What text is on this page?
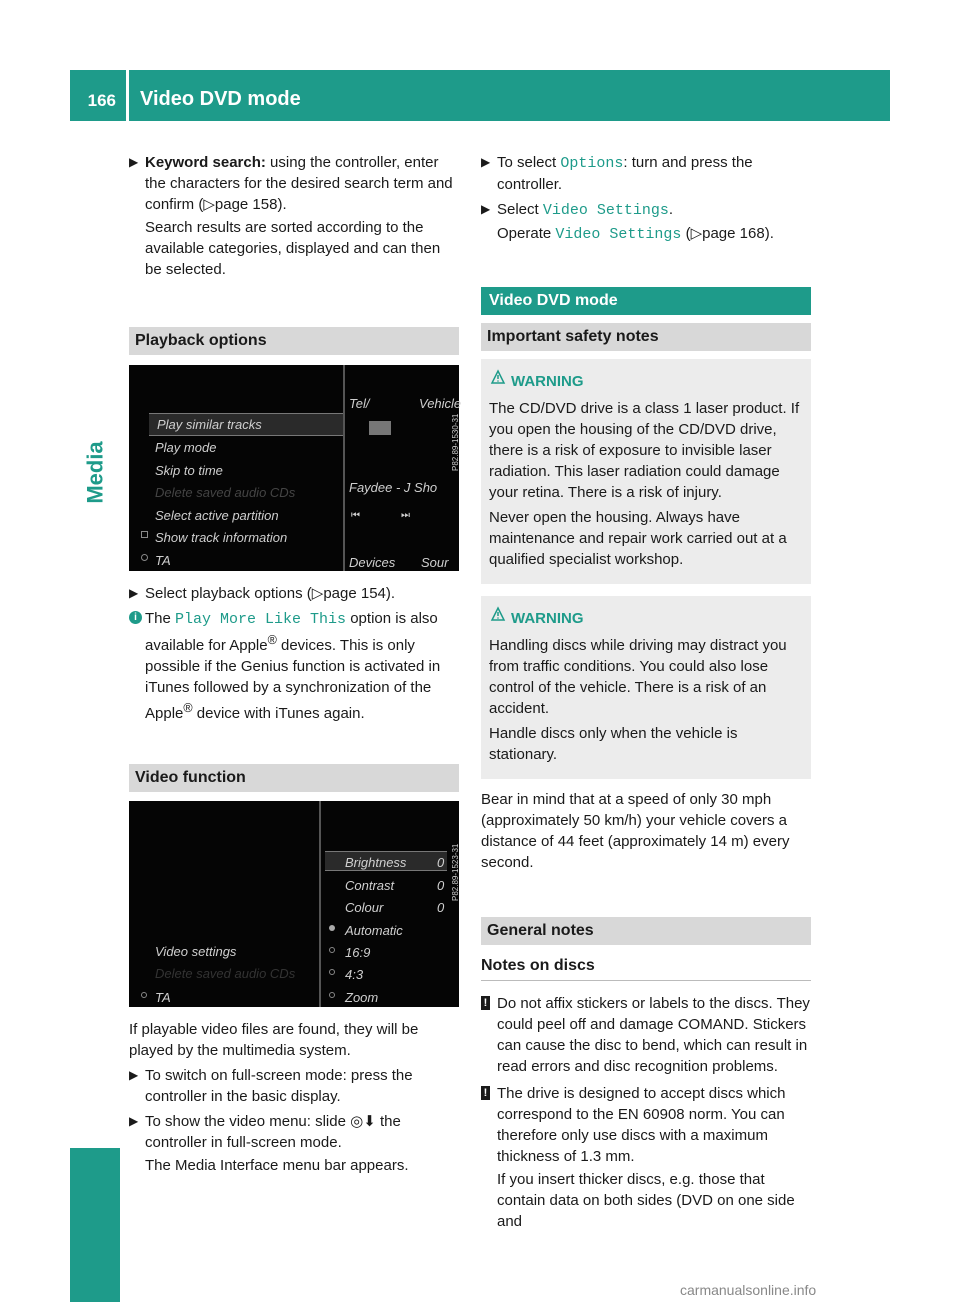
166	Video DVD mode
Media
▶ Keyword search: using the controller, enter the characters for the desired search term and confirm (▷page 158).

Search results are sorted according to the available categories, displayed and can then be selected.

Playback options
Play similar tracks
Play mode
Skip to time
Delete saved audio CDs
Select active partition
Show track information
TA
Tel/	Vehicle
Faydee - J Sho
⏮	⏭
Devices Sour
P82.89-1530-31
▶ Select playback options (▷page 154).

i The Play More Like This option is also available for Apple® devices. This is only possible if the Genius function is activated in iTunes followed by a synchronization of the Apple® device with iTunes again.

Video function
Video settings
Delete saved audio CDs
TA
Brightness 0
Contrast	0
Colour	0
Automatic
16:9
4:3
Zoom
P82.89-1523-31

If playable video files are found, they will be played by the multimedia system.

▶ To switch on full-screen mode: press the controller in the basic display.

▶ To show the video menu: slide ◎⬇ the controller in full-screen mode.

The Media Interface menu bar appears.

▶ To select Options: turn and press the controller.

▶ Select Video Settings.

Operate Video Settings (▷page 168).

Video DVD mode
Important safety notes
WARNING

The CD/DVD drive is a class 1 laser product. If you open the housing of the CD/DVD drive, there is a risk of exposure to invisible laser radiation. This laser radiation could damage your retina. There is a risk of injury.

Never open the housing. Always have maintenance and repair work carried out at a qualified specialist workshop.

WARNING

Handling discs while driving may distract you from traffic conditions. You could also lose control of the vehicle. There is a risk of an accident.

Handle discs only when the vehicle is stationary.

Bear in mind that at a speed of only 30 mph (approximately 50 km/h) your vehicle covers a distance of 44 feet (approximately 14 m) every second.

General notes
Notes on discs
! Do not affix stickers or labels to the discs. They could peel off and damage COMAND. Stickers can cause the disc to bend, which can result in read errors and disc recognition problems.

! The drive is designed to accept discs which correspond to the EN 60908 norm. You can therefore only use discs with a maximum thickness of 1.3 mm.

If you insert thicker discs, e.g. those that contain data on both sides (DVD on one side and

carmanualsonline.info
